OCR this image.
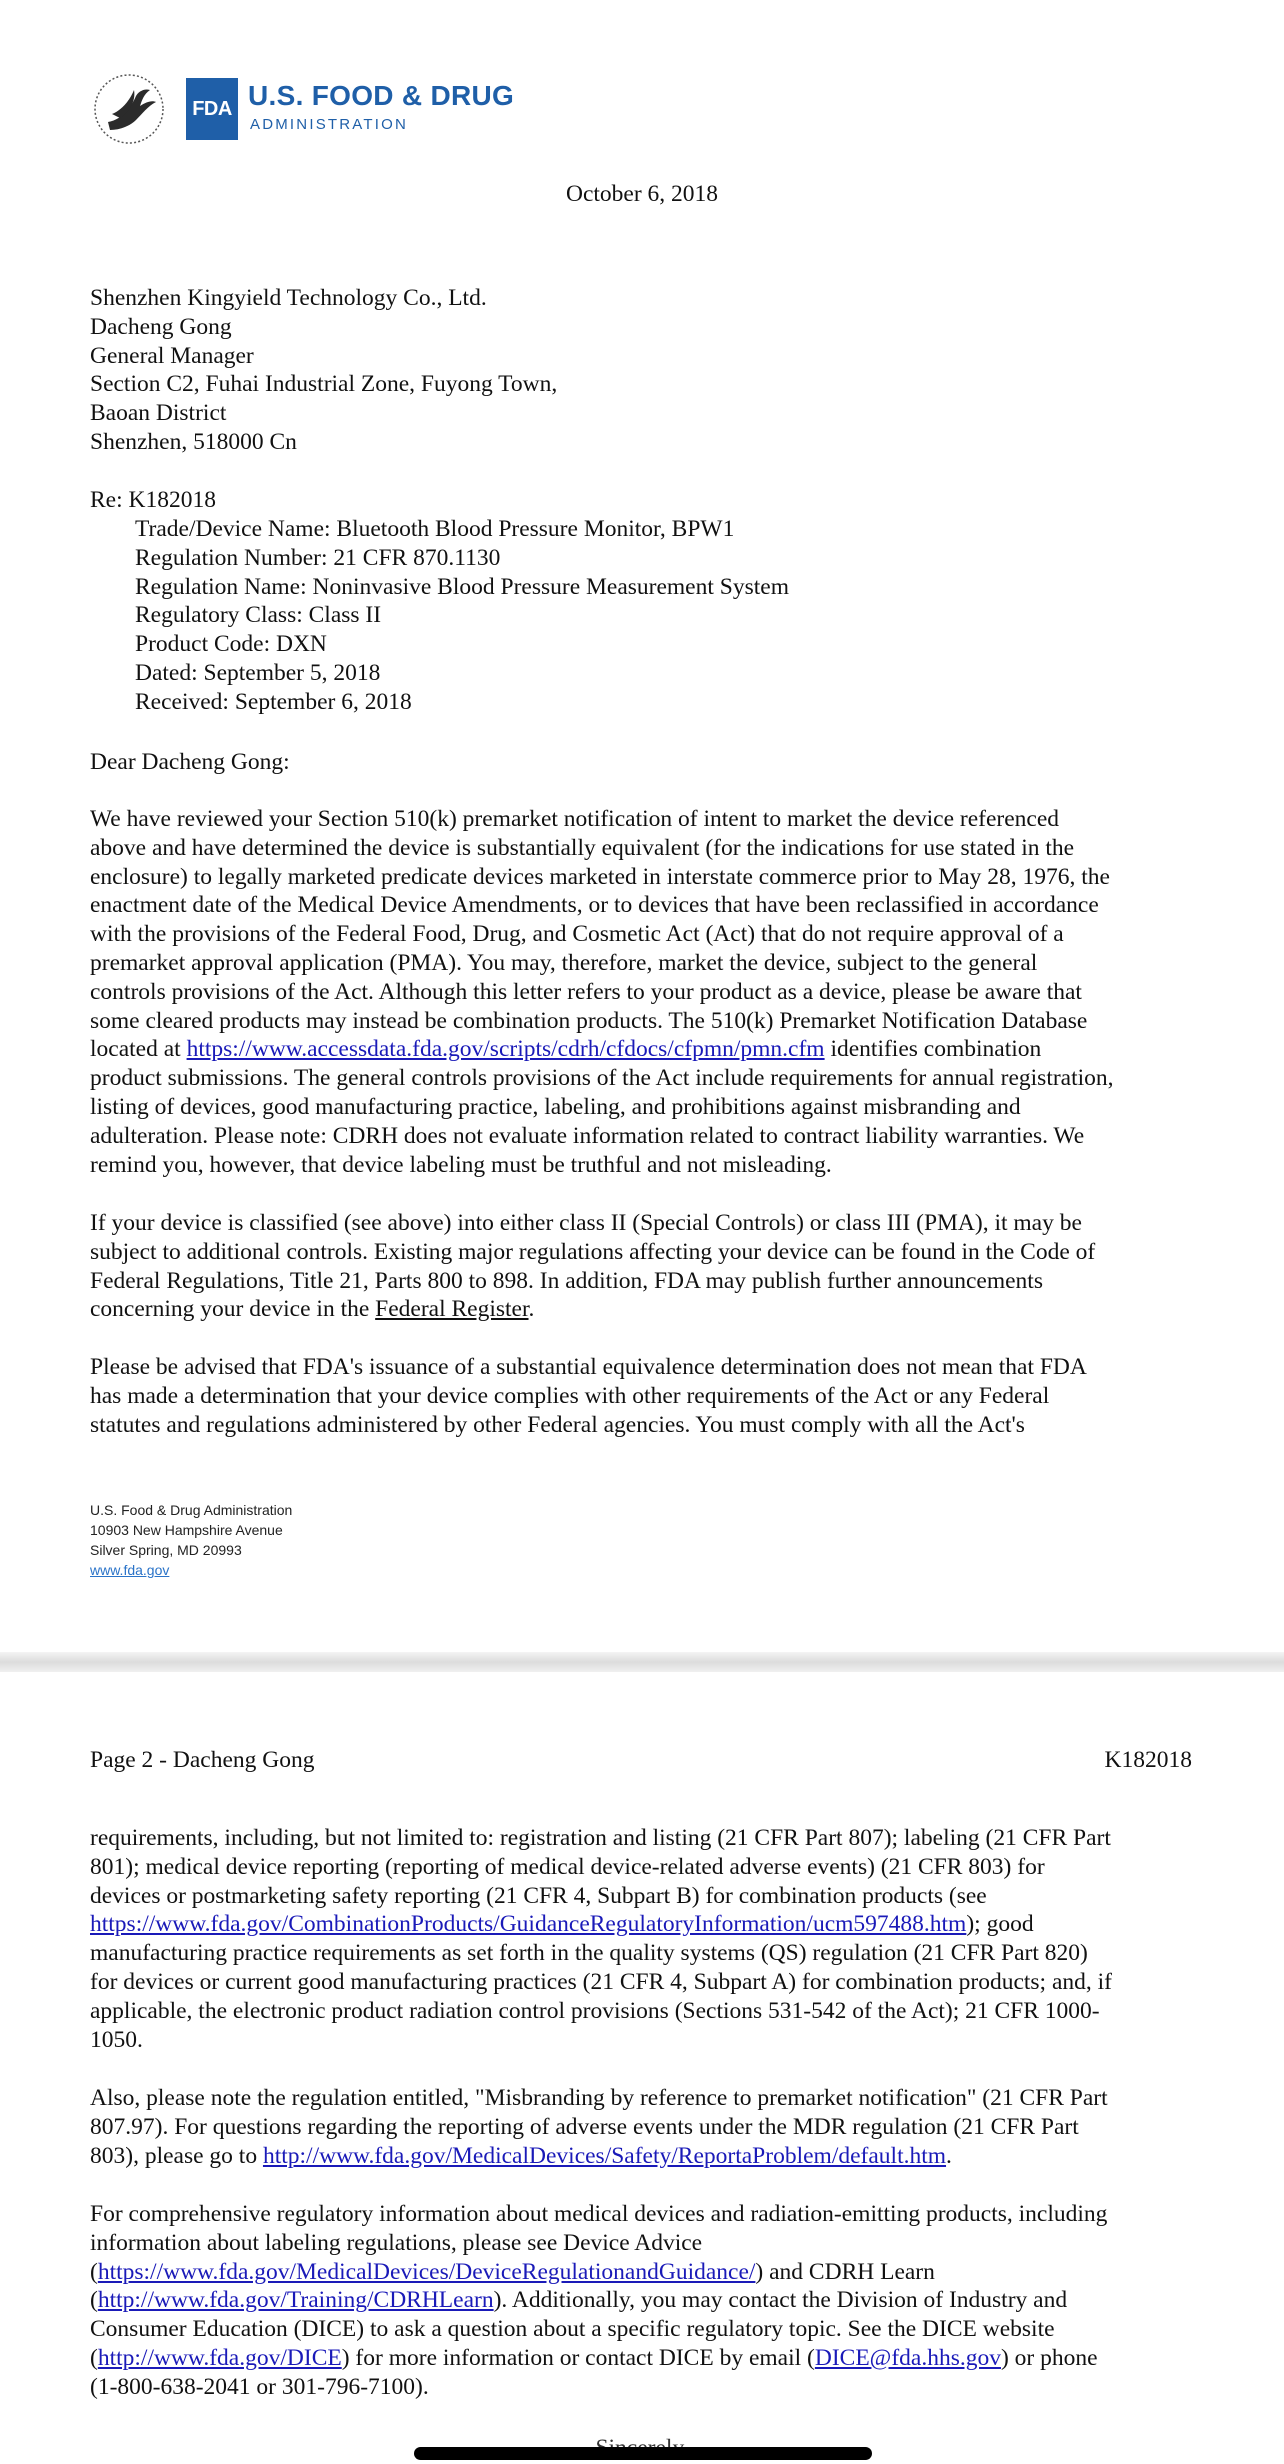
FDA U.S. FOOD & DRUG
ADMINISTRATION

October 6, 2018

Shenzhen Kingyield Technology Co., Ltd.
Dacheng Gong
General Manager
Section C2, Fuhai Industrial Zone, Fuyong Town,
Baoan District
Shenzhen, 518000 Cn

Re: K182018

Trade/Device Name: Bluetooth Blood Pressure Monitor, BPW1
Regulation Number: 21 CFR 870.1130
Regulation Name: Noninvasive Blood Pressure Measurement System
Regulatory Class: Class II
Product Code: DXN
Dated: September 5, 2018
Received: September 6, 2018

Dear Dacheng Gong:

We have reviewed your Section 510(k) premarket notification of intent to market the device referenced
above and have determined the device is substantially equivalent (for the indications for use stated in the
enclosure) to legally marketed predicate devices marketed in interstate commerce prior to May 28, 1976, the
enactment date of the Medical Device Amendments, or to devices that have been reclassified in accordance
with the provisions of the Federal Food, Drug, and Cosmetic Act (Act) that do not require approval of a
premarket approval application (PMA). You may, therefore, market the device, subject to the general
controls provisions of the Act. Although this letter refers to your product as a device, please be aware that
some cleared products may instead be combination products. The 510(k) Premarket Notification Database
located at https://www.accessdata.fda.gov/scripts/cdrh/cfdocs/cfpmn/pmn.cfm identifies combination
product submissions. The general controls provisions of the Act include requirements for annual registration,
listing of devices, good manufacturing practice, labeling, and prohibitions against misbranding and
adulteration. Please note: CDRH does not evaluate information related to contract liability warranties. We
remind you, however, that device labeling must be truthful and not misleading.
If your device is classified (see above) into either class II (Special Controls) or class III (PMA), it may be
subject to additional controls. Existing major regulations affecting your device can be found in the Code of
Federal Regulations, Title 21, Parts 800 to 898. In addition, FDA may publish further announcements
concerning your device in the Federal Register.
Please be advised that FDA's issuance of a substantial equivalence determination does not mean that FDA
has made a determination that your device complies with other requirements of the Act or any Federal
statutes and regulations administered by other Federal agencies. You must comply with all the Act's
U.S. Food & Drug Administration
10903 New Hampshire Avenue
Silver Spring, MD 20993
www.fda.gov

Page 2 - Dacheng Gong	K182018

requirements, including, but not limited to: registration and listing (21 CFR Part 807); labeling (21 CFR Part
801); medical device reporting (reporting of medical device-related adverse events) (21 CFR 803) for
devices or postmarketing safety reporting (21 CFR 4, Subpart B) for combination products (see
https://www.fda.gov/CombinationProducts/GuidanceRegulatoryInformation/ucm597488.htm); good
manufacturing practice requirements as set forth in the quality systems (QS) regulation (21 CFR Part 820)
for devices or current good manufacturing practices (21 CFR 4, Subpart A) for combination products; and, if
applicable, the electronic product radiation control provisions (Sections 531-542 of the Act); 21 CFR 1000-
1050.
Also, please note the regulation entitled, "Misbranding by reference to premarket notification" (21 CFR Part
807.97). For questions regarding the reporting of adverse events under the MDR regulation (21 CFR Part
803), please go to http://www.fda.gov/MedicalDevices/Safety/ReportaProblem/default.htm.
For comprehensive regulatory information about medical devices and radiation-emitting products, including
information about labeling regulations, please see Device Advice
(https://www.fda.gov/MedicalDevices/DeviceRegulationandGuidance/) and CDRH Learn
(http://www.fda.gov/Training/CDRHLearn). Additionally, you may contact the Division of Industry and
Consumer Education (DICE) to ask a question about a specific regulatory topic. See the DICE website
(http://www.fda.gov/DICE) for more information or contact DICE by email (DICE@fda.hhs.gov) or phone
(1-800-638-2041 or 301-796-7100).
